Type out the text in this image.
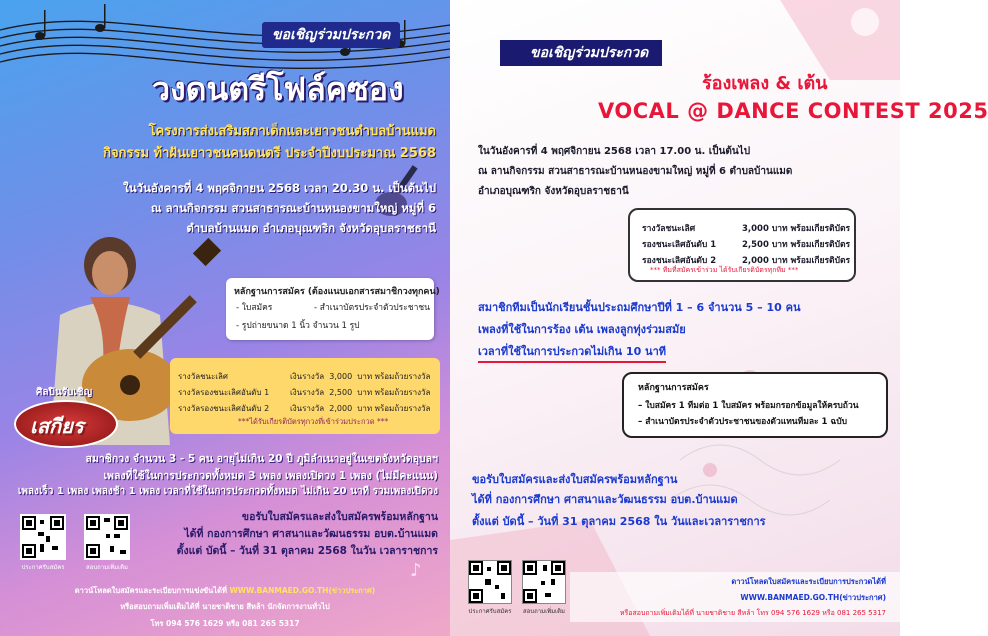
ขอเชิญร่วมประกวด
วงดนตรีโฟล์คซอง
โครงการส่งเสริมสภาเด็กและเยาวชนตำบลบ้านแมด
กิจกรรม ท้าฝันเยาวชนคนดนตรี ประจำปีงบประมาณ 2568
ในวันอังคารที่ 4 พฤศจิกายน 2568 เวลา 20.30 น. เป็นต้นไป
ณ ลานกิจกรรม สวนสาธารณะบ้านหนองขามใหญ่ หมู่ที่ 6
ตำบลบ้านแมด อำเภอบุณฑริก จังหวัดอุบลราชธานี
หลักฐานการสมัคร (ต้องแนบเอกสารสมาชิกวงทุกคน)
- ใบสมัคร	- สำเนาบัตรประจำตัวประชาชน
- รูปถ่ายขนาด 1 นิ้ว จำนวน 1 รูป
รางวัลชนะเลิศ	เงินรางวัล 3,000 บาท พร้อมถ้วยรางวัล
รางวัลรองชนะเลิศอันดับ 1	เงินรางวัล 2,500 บาท พร้อมถ้วยรางวัล
รางวัลรองชนะเลิศอันดับ 2	เงินรางวัล 2,000 บาท พร้อมถ้วยรางวัล
***ได้รับเกียรติบัตรทุกวงที่เข้าร่วมประกวด ***
ศิลปินรับเชิญ
เสกียร
สมาชิกวง จำนวน 3 - 5 คน อายุไม่เกิน 20 ปี ภูมิลำเนาอยู่ในเขตจังหวัดอุบลฯ
เพลงที่ใช้ในการประกวดทั้งหมด 3 เพลง เพลงเปิดวง 1 เพลง (ไม่มีคะแนน)
เพลงเร็ว 1 เพลง เพลงช้า 1 เพลง เวลาที่ใช้ในการประกวดทั้งหมด ไม่เกิน 20 นาที รวมเพลงเปิดวง
ขอรับใบสมัครและส่งใบสมัครพร้อมหลักฐาน
ได้ที่ กองการศึกษา ศาสนาและวัฒนธรรม อบต.บ้านแมด
ตั้งแต่ บัดนี้ – วันที่ 31 ตุลาคม 2568 ในวัน เวลาราชการ
ประกาศรับสมัคร	สอบถามเพิ่มเติม	♪
ดาวน์โหลดใบสมัครและระเบียบการแข่งขันได้ที่ WWW.BANMAED.GO.TH(ข่าวประกาศ)
หรือสอบถามเพิ่มเติมได้ที่ นายชาติชาย สีหล้า นักจัดการงานทั่วไป
โทร 094 576 1629 หรือ 081 265 5317
ขอเชิญร่วมประกวด
ร้องเพลง & เต้น
VOCAL @ DANCE CONTEST 2025
ในวันอังคารที่ 4 พฤศจิกายน 2568 เวลา 17.00 น. เป็นต้นไป
ณ ลานกิจกรรม สวนสาธารณะบ้านหนองขามใหญ่ หมู่ที่ 6 ตำบลบ้านแมด
อำเภอบุณฑริก จังหวัดอุบลราชธานี
รางวัลชนะเลิศ	3,000 บาท พร้อมเกียรติบัตร
รองชนะเลิศอันดับ 1	2,500 บาท พร้อมเกียรติบัตร
รองชนะเลิศอันดับ 2	2,000 บาท พร้อมเกียรติบัตร
*** ทีมที่สมัครเข้าร่วม ได้รับเกียรติบัตรทุกทีม ***
สมาชิกทีมเป็นนักเรียนชั้นประถมศึกษาปีที่ 1 – 6 จำนวน 5 – 10 คน
เพลงที่ใช้ในการร้อง เต้น เพลงลูกทุ่งร่วมสมัย
เวลาที่ใช้ในการประกวดไม่เกิน 10 นาที
หลักฐานการสมัคร
– ใบสมัคร 1 ทีมต่อ 1 ใบสมัคร พร้อมกรอกข้อมูลให้ครบถ้วน
– สำเนาบัตรประจำตัวประชาชนของตัวแทนทีมละ 1 ฉบับ
ขอรับใบสมัครและส่งใบสมัครพร้อมหลักฐาน
ได้ที่ กองการศึกษา ศาสนาและวัฒนธรรม อบต.บ้านแมด
ตั้งแต่ บัดนี้ – วันที่ 31 ตุลาคม 2568 ใน วันและเวลาราชการ
ดาวน์โหลดใบสมัครและระเบียบการประกวดได้ที่
WWW.BANMAED.GO.TH(ข่าวประกาศ)
หรือสอบถามเพิ่มเติมได้ที่ นายชาติชาย สีหล้า โทร 094 576 1629 หรือ 081 265 5317
ประกาศรับสมัคร	สอบถามเพิ่มเติม
